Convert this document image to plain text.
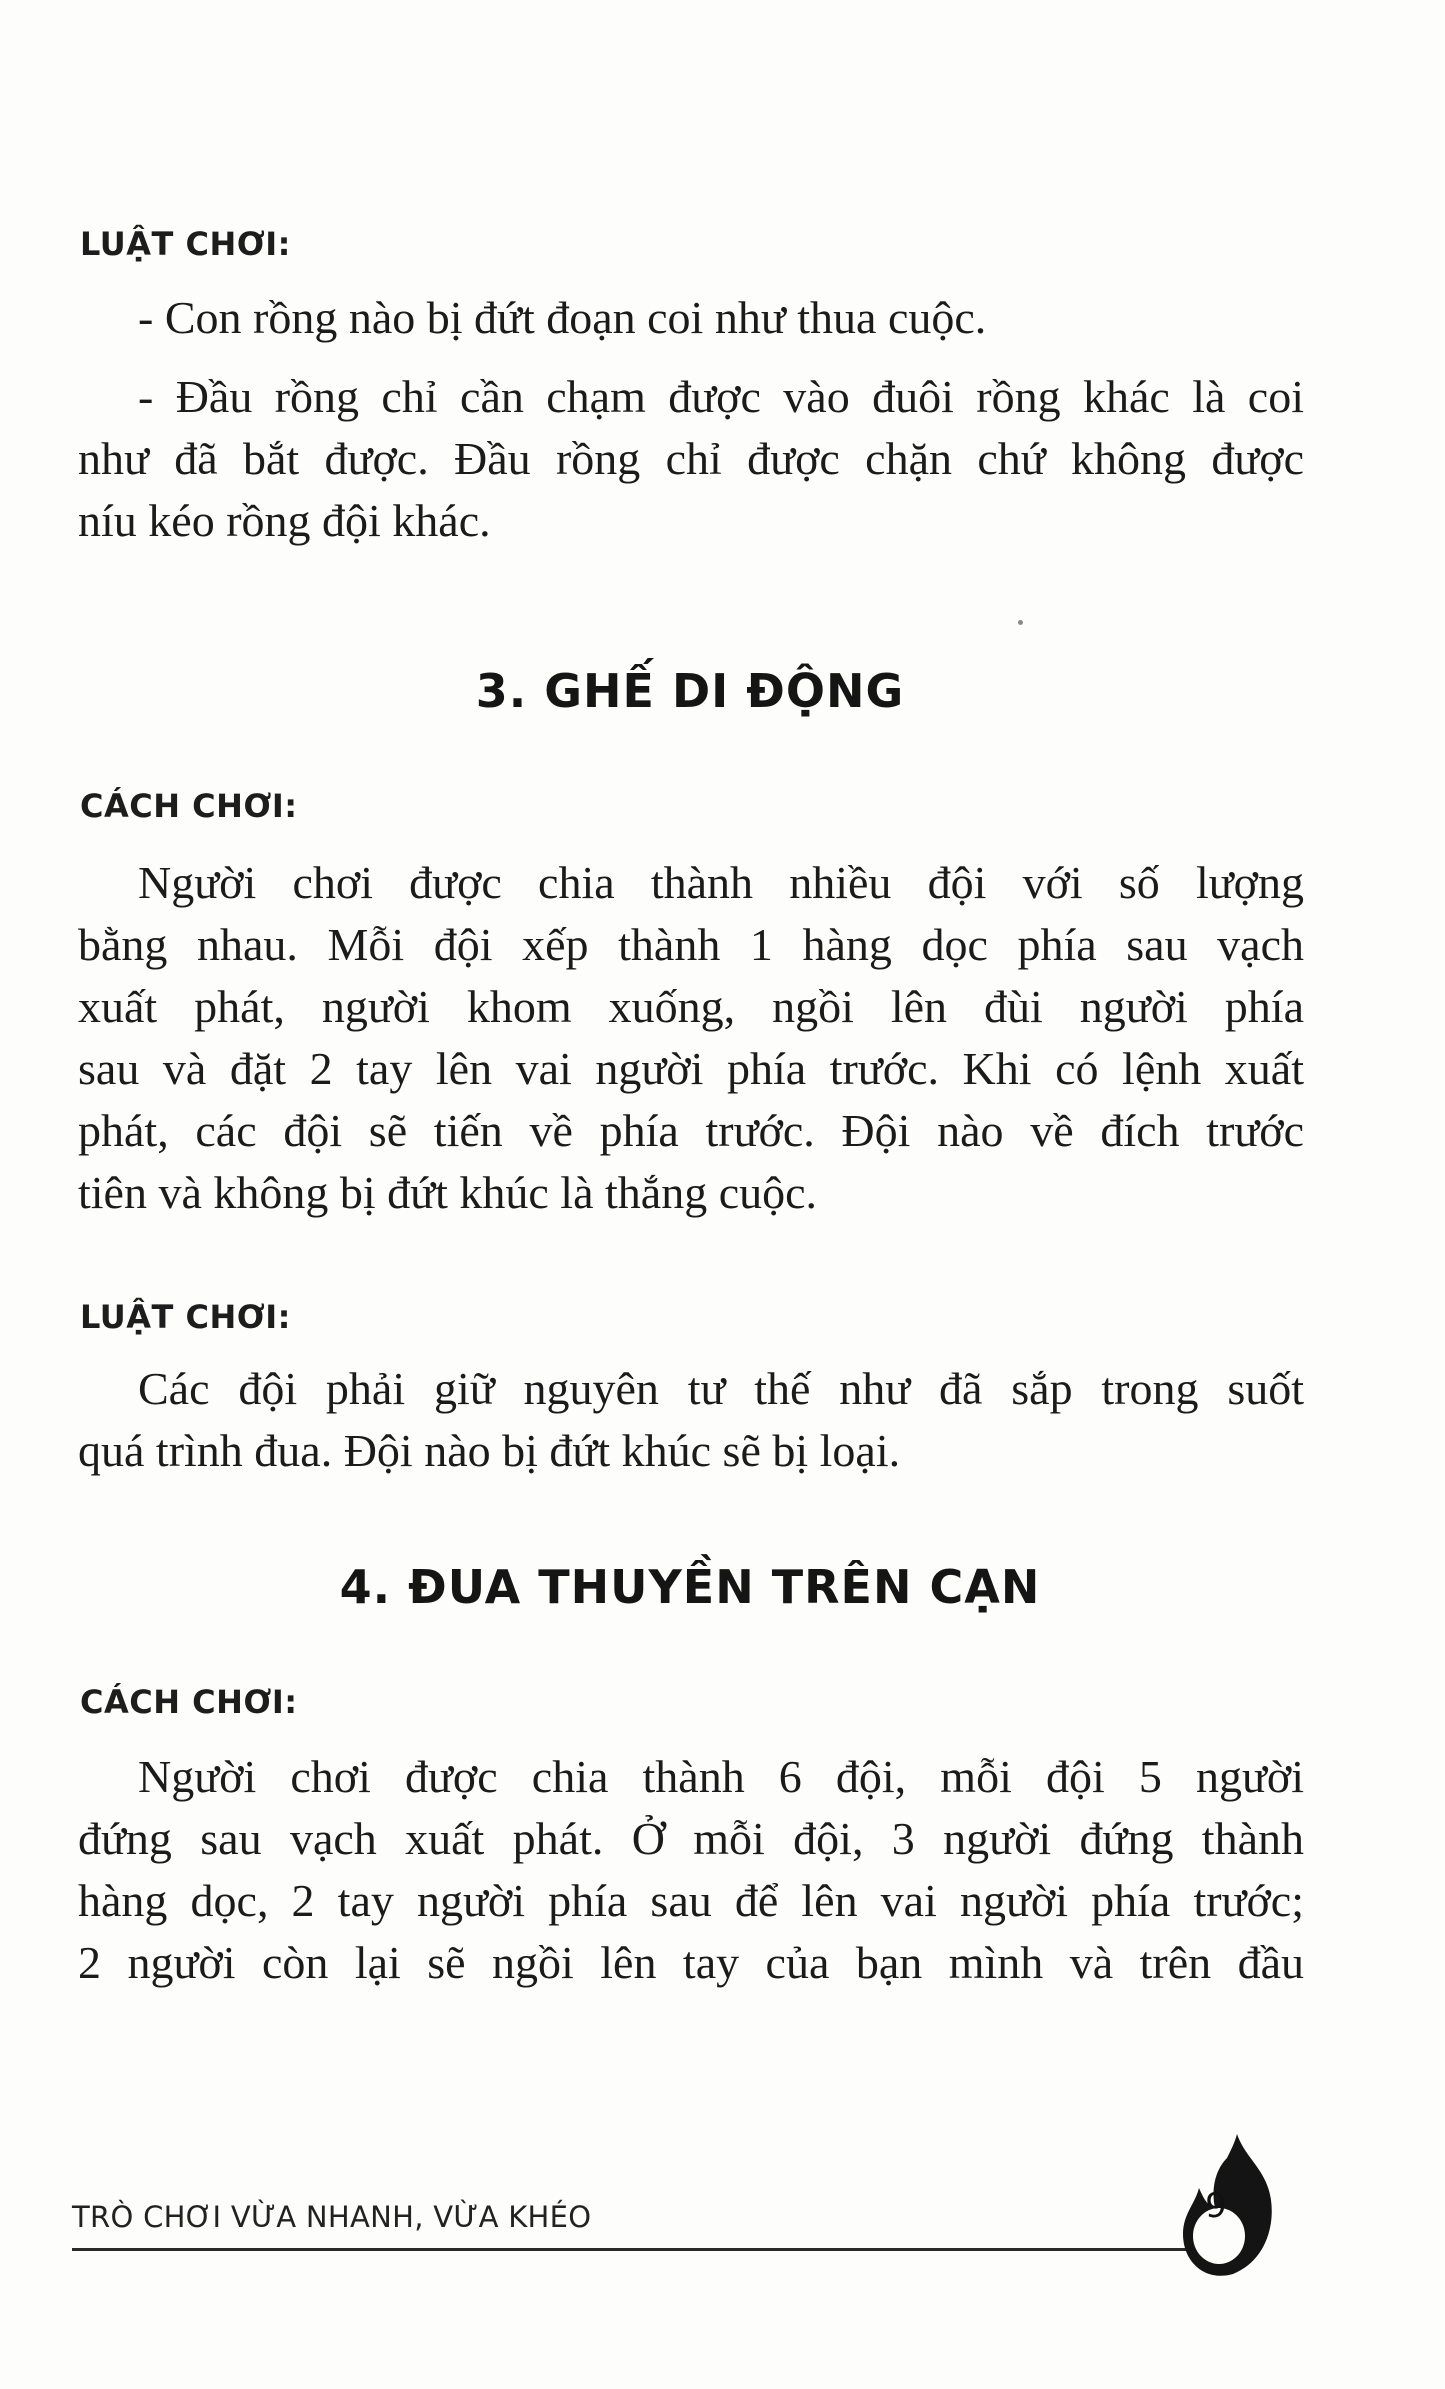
LUẬT CHƠI:
- Con rồng nào bị đứt đoạn coi như thua cuộc.
- Đầu rồng chỉ cần chạm được vào đuôi rồng khác là coi
như đã bắt được. Đầu rồng chỉ được chặn chứ không được
níu kéo rồng đội khác.
3. GHẾ DI ĐỘNG
CÁCH CHƠI:
Người chơi được chia thành nhiều đội với số lượng
bằng nhau. Mỗi đội xếp thành 1 hàng dọc phía sau vạch
xuất phát, người khom xuống, ngồi lên đùi người phía
sau và đặt 2 tay lên vai người phía trước. Khi có lệnh xuất
phát, các đội sẽ tiến về phía trước. Đội nào về đích trước
tiên và không bị đứt khúc là thắng cuộc.
LUẬT CHƠI:
Các đội phải giữ nguyên tư thế như đã sắp trong suốt
quá trình đua. Đội nào bị đứt khúc sẽ bị loại.
4. ĐUA THUYỀN TRÊN CẠN
CÁCH CHƠI:
Người chơi được chia thành 6 đội, mỗi đội 5 người
đứng sau vạch xuất phát. Ở mỗi đội, 3 người đứng thành
hàng dọc, 2 tay người phía sau để lên vai người phía trước;
2 người còn lại sẽ ngồi lên tay của bạn mình và trên đầu
TRÒ CHƠI VỪA NHANH, VỪA KHÉO	9
